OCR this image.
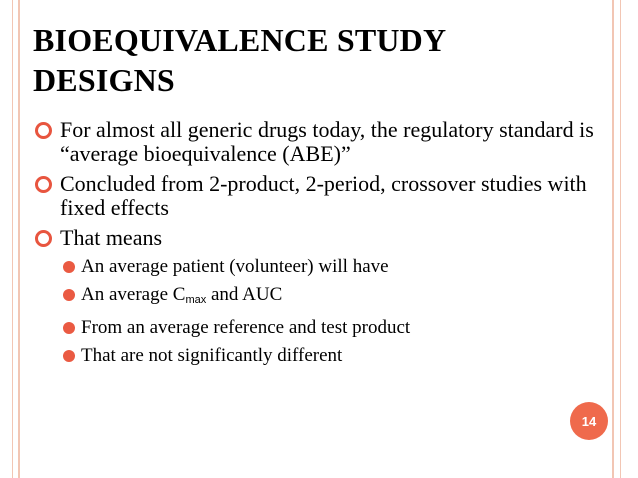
BIOEQUIVALENCE STUDY DESIGNS
For almost all generic drugs today, the regulatory standard is “average bioequivalence (ABE)”
Concluded from 2-product, 2-period, crossover studies with fixed effects
That means
An average patient (volunteer) will have
An average $C_{max}$ and AUC
From an average reference and test product
That are not significantly different
14
